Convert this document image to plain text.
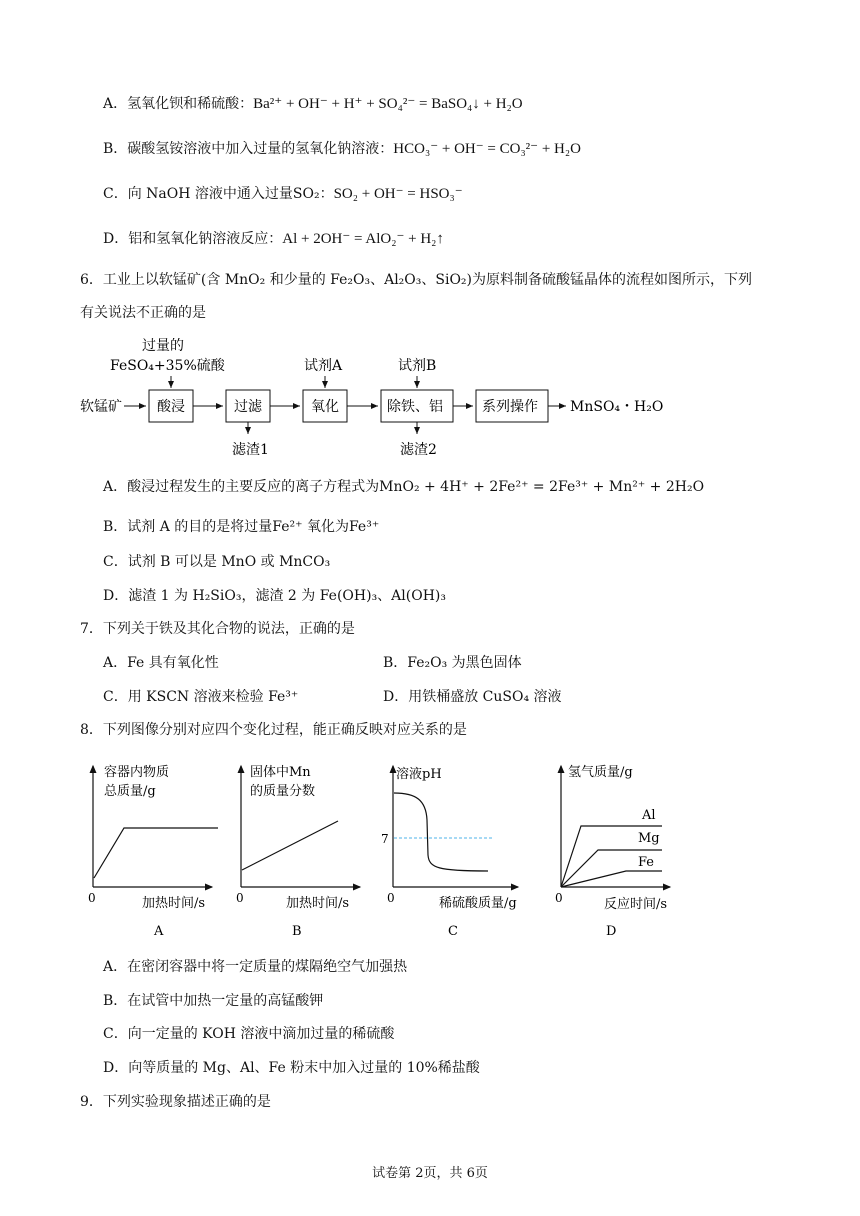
A．氢氧化钡和稀硫酸：Ba²⁺ + OH⁻ + H⁺ + SO₄²⁻ = BaSO₄↓ + H₂O
B．碳酸氢铵溶液中加入过量的氢氧化钠溶液：HCO₃⁻ + OH⁻ = CO₃²⁻ + H₂O
C．向 NaOH 溶液中通入过量SO₂：SO₂ + OH⁻ = HSO₃⁻
D．铝和氢氧化钠溶液反应：Al + 2OH⁻ = AlO₂⁻ + H₂↑
6．工业上以软锰矿(含 MnO₂ 和少量的 Fe₂O₃、Al₂O₃、SiO₂)为原料制备硫酸锰晶体的流程如图所示，下列
有关说法不正确的是
过量的
FeSO₄+35%硫酸	试剂A	试剂B
软锰矿	酸浸	过滤
滤渣1
氧化	除铁、铝
滤渣2
系列操作 MnSO₄・H₂O
A．酸浸过程发生的主要反应的离子方程式为MnO₂ + 4H⁺ + 2Fe²⁺ = 2Fe³⁺ + Mn²⁺ + 2H₂O
B．试剂 A 的目的是将过量Fe²⁺ 氧化为Fe³⁺
C．试剂 B 可以是 MnO 或 MnCO₃
D．滤渣 1 为 H₂SiO₃，滤渣 2 为 Fe(OH)₃、Al(OH)₃
7．下列关于铁及其化合物的说法，正确的是
A．Fe 具有氧化性	B．Fe₂O₃ 为黑色固体
C．用 KSCN 溶液来检验 Fe³⁺	D．用铁桶盛放 CuSO₄ 溶液
8．下列图像分别对应四个变化过程，能正确反映对应关系的是
容器内物质
总质量/g
0	加热时间/s
A
固体中Mn
的质量分数
0	加热时间/s
B
溶液pH
7
0	稀硫酸质量/g
C
氢气质量/g
Al
Mg
Fe
0	反应时间/s
D
A．在密闭容器中将一定质量的煤隔绝空气加强热
B．在试管中加热一定量的高锰酸钾
C．向一定量的 KOH 溶液中滴加过量的稀硫酸
D．向等质量的 Mg、Al、Fe 粉末中加入过量的 10%稀盐酸
9．下列实验现象描述正确的是
试卷第 2页，共 6页
